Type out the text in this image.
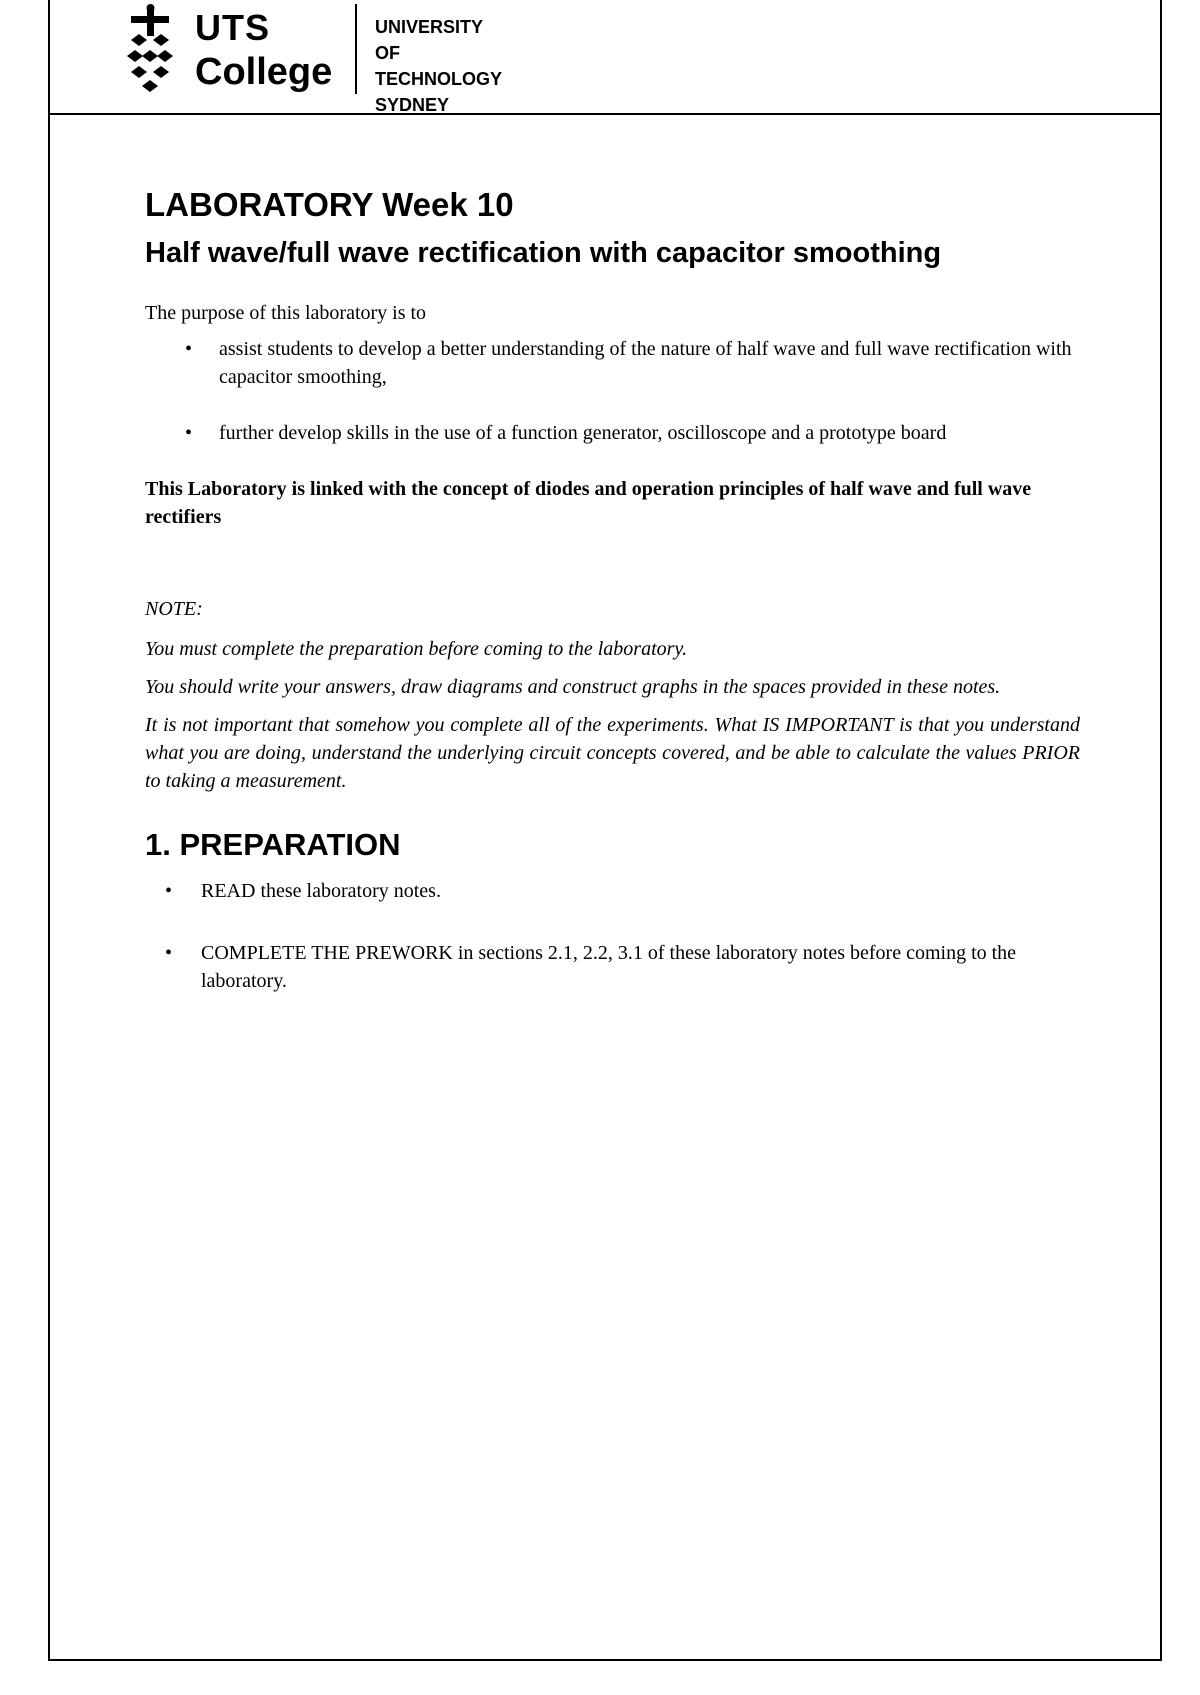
UTS
College
UNIVERSITY
OF TECHNOLOGY
SYDNEY
LABORATORY Week 10
Half wave/full wave rectification with capacitor smoothing

The purpose of this laboratory is to

• assist students to develop a better understanding of the nature of half wave and full wave rectification with capacitor smoothing,
• further develop skills in the use of a function generator, oscilloscope and a prototype board

This Laboratory is linked with the concept of diodes and operation principles of half wave and full wave rectifiers

NOTE:

You must complete the preparation before coming to the laboratory.

You should write your answers, draw diagrams and construct graphs in the spaces provided in these notes.

It is not important that somehow you complete all of the experiments. What IS IMPORTANT is that you understand what you are doing, understand the underlying circuit concepts covered, and be able to calculate the values PRIOR to taking a measurement.

1. PREPARATION
• READ these laboratory notes.
• COMPLETE THE PREWORK in sections 2.1, 2.2, 3.1 of these laboratory notes before coming to the laboratory.
